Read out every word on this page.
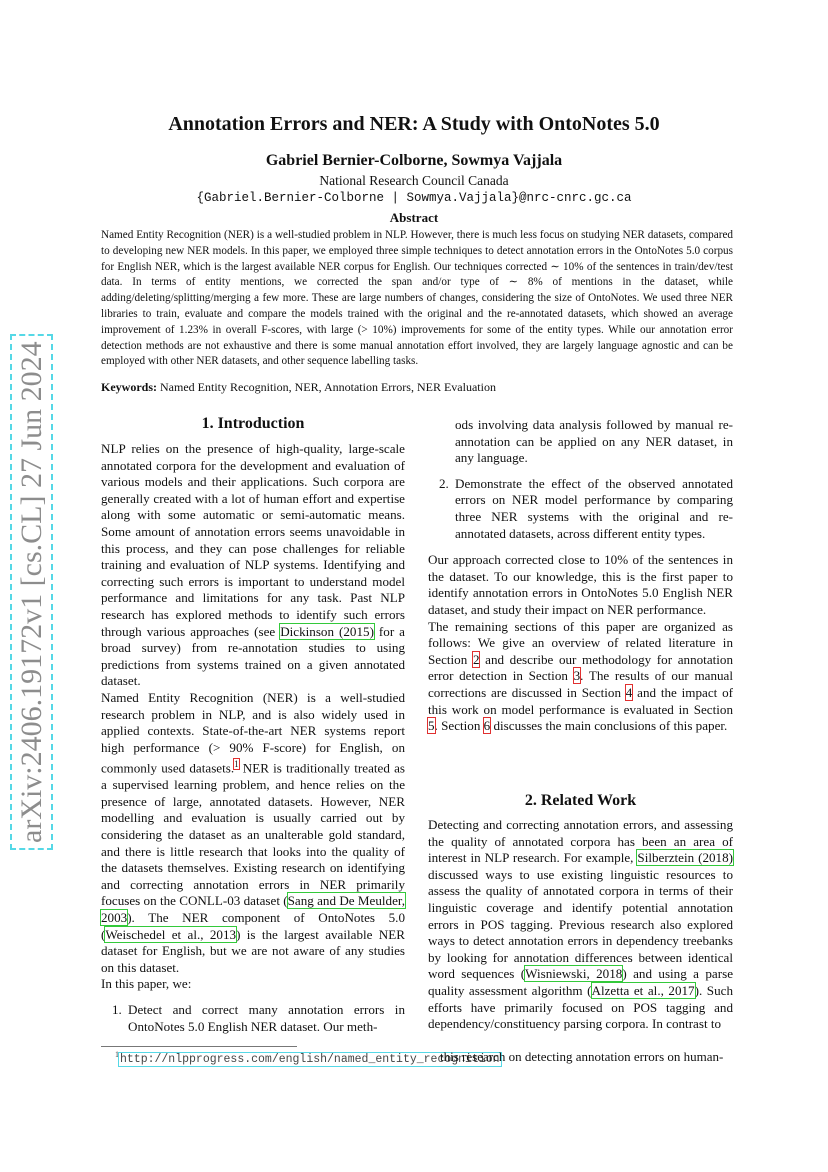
arXiv:2406.19172v1 [cs.CL] 27 Jun 2024
Annotation Errors and NER: A Study with OntoNotes 5.0
Gabriel Bernier-Colborne, Sowmya Vajjala
National Research Council Canada
{Gabriel.Bernier-Colborne | Sowmya.Vajjala}@nrc-cnrc.gc.ca
Abstract
Named Entity Recognition (NER) is a well-studied problem in NLP. However, there is much less focus on studying NER datasets, compared to developing new NER models. In this paper, we employed three simple techniques to detect annotation errors in the OntoNotes 5.0 corpus for English NER, which is the largest available NER corpus for English. Our techniques corrected ∼ 10% of the sentences in train/dev/test data. In terms of entity mentions, we corrected the span and/or type of ∼ 8% of mentions in the dataset, while adding/deleting/splitting/merging a few more. These are large numbers of changes, considering the size of OntoNotes. We used three NER libraries to train, evaluate and compare the models trained with the original and the re-annotated datasets, which showed an average improvement of 1.23% in overall F-scores, with large (> 10%) improvements for some of the entity types. While our annotation error detection methods are not exhaustive and there is some manual annotation effort involved, they are largely language agnostic and can be employed with other NER datasets, and other sequence labelling tasks.
Keywords: Named Entity Recognition, NER, Annotation Errors, NER Evaluation
1. Introduction

NLP relies on the presence of high-quality, large-scale annotated corpora for the development and evaluation of various models and their applications. Such corpora are generally created with a lot of human effort and expertise along with some automatic or semi-automatic means. Some amount of annotation errors seems unavoidable in this process, and they can pose challenges for reliable training and evaluation of NLP systems. Identifying and correcting such errors is important to understand model performance and limitations for any task. Past NLP research has explored methods to identify such errors through various approaches (see Dickinson (2015) for a broad survey) from re-annotation studies to using predictions from systems trained on a given annotated dataset.

Named Entity Recognition (NER) is a well-studied research problem in NLP, and is also widely used in applied contexts. State-of-the-art NER systems report high performance (> 90% F-score) for English, on commonly used datasets.$^1$ NER is traditionally treated as a supervised learning problem, and hence relies on the presence of large, annotated datasets. However, NER modelling and evaluation is usually carried out by considering the dataset as an unalterable gold standard, and there is little research that looks into the quality of the datasets themselves. Existing research on identifying and correcting annotation errors in NER primarily focuses on the CONLL-03 dataset (Sang and De Meulder, 2003). The NER component of OntoNotes 5.0 (Weischedel et al., 2013) is the largest available NER dataset for English, but we are not aware of any studies on this dataset.

In this paper, we:

1. Detect and correct many annotation errors in OntoNotes 5.0 English NER dataset. Our meth-
ods involving data analysis followed by manual re-annotation can be applied on any NER dataset, in any language.
2. Demonstrate the effect of the observed annotated errors on NER model performance by comparing three NER systems with the original and re-annotated datasets, across different entity types.

Our approach corrected close to 10% of the sentences in the dataset. To our knowledge, this is the first paper to identify annotation errors in OntoNotes 5.0 English NER dataset, and study their impact on NER performance.

The remaining sections of this paper are organized as follows: We give an overview of related literature in Section 2 and describe our methodology for annotation error detection in Section 3. The results of our manual corrections are discussed in Section 4 and the impact of this work on model performance is evaluated in Section 5. Section 6 discusses the main conclusions of this paper.

2. Related Work

Detecting and correcting annotation errors, and assessing the quality of annotated corpora has been an area of interest in NLP research. For example, Silberztein (2018) discussed ways to use existing linguistic resources to assess the quality of annotated corpora in terms of their linguistic coverage and identify potential annotation errors in POS tagging. Previous research also explored ways to detect annotation errors in dependency treebanks by looking for annotation differences between identical word sequences (Wisniewski, 2018) and using a parse quality assessment algorithm (Alzetta et al., 2017). Such efforts have primarily focused on POS tagging and dependency/constituency parsing corpora. In contrast to

$^1$http://nlpprogress.com/english/named_entity_recognition
this research on detecting annotation errors on human-
